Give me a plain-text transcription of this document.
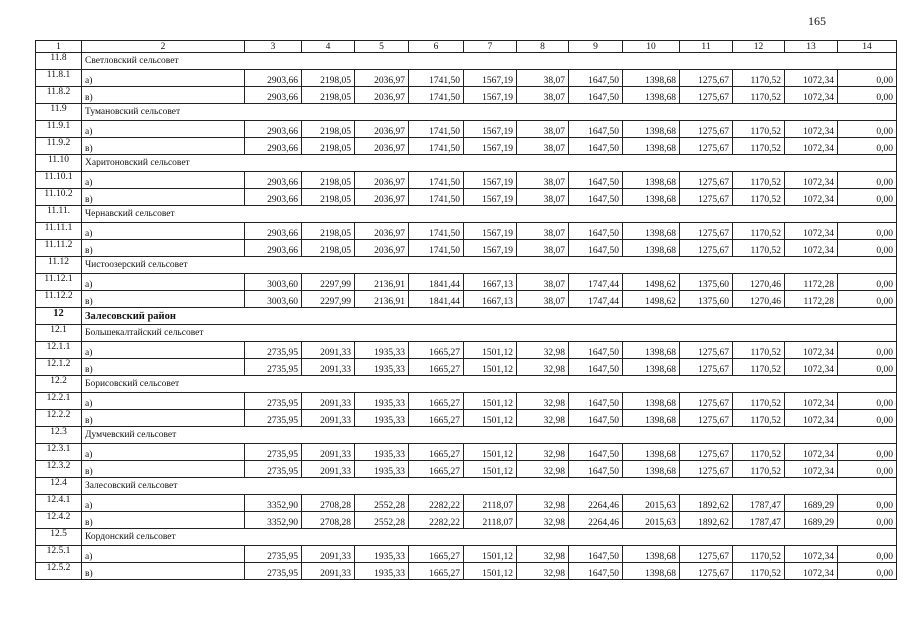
165
1	2	3	4	5	6	7	8	9	10	11	12	13	14
11.8	Светловский сельсовет												
11.8.1	а)	2903,66	2198,05	2036,97	1741,50	1567,19	38,07	1647,50	1398,68	1275,67	1170,52	1072,34	0,00
11.8.2	в)	2903,66	2198,05	2036,97	1741,50	1567,19	38,07	1647,50	1398,68	1275,67	1170,52	1072,34	0,00
11.9	Тумановский сельсовет												
11.9.1	а)	2903,66	2198,05	2036,97	1741,50	1567,19	38,07	1647,50	1398,68	1275,67	1170,52	1072,34	0,00
11.9.2	в)	2903,66	2198,05	2036,97	1741,50	1567,19	38,07	1647,50	1398,68	1275,67	1170,52	1072,34	0,00
11.10	Харитоновский сельсовет												
11.10.1	а)	2903,66	2198,05	2036,97	1741,50	1567,19	38,07	1647,50	1398,68	1275,67	1170,52	1072,34	0,00
11.10.2	в)	2903,66	2198,05	2036,97	1741,50	1567,19	38,07	1647,50	1398,68	1275,67	1170,52	1072,34	0,00
11.11.	Чернавский сельсовет												
11.11.1	а)	2903,66	2198,05	2036,97	1741,50	1567,19	38,07	1647,50	1398,68	1275,67	1170,52	1072,34	0,00
11.11.2	в)	2903,66	2198,05	2036,97	1741,50	1567,19	38,07	1647,50	1398,68	1275,67	1170,52	1072,34	0,00
11.12	Чистоозерский сельсовет												
11.12.1	а)	3003,60	2297,99	2136,91	1841,44	1667,13	38,07	1747,44	1498,62	1375,60	1270,46	1172,28	0,00
11.12.2	в)	3003,60	2297,99	2136,91	1841,44	1667,13	38,07	1747,44	1498,62	1375,60	1270,46	1172,28	0,00
12	Залесовский район												
12.1	Большекалтайский сельсовет												
12.1.1	а)	2735,95	2091,33	1935,33	1665,27	1501,12	32,98	1647,50	1398,68	1275,67	1170,52	1072,34	0,00
12.1.2	в)	2735,95	2091,33	1935,33	1665,27	1501,12	32,98	1647,50	1398,68	1275,67	1170,52	1072,34	0,00
12.2	Борисовский сельсовет												
12.2.1	а)	2735,95	2091,33	1935,33	1665,27	1501,12	32,98	1647,50	1398,68	1275,67	1170,52	1072,34	0,00
12.2.2	в)	2735,95	2091,33	1935,33	1665,27	1501,12	32,98	1647,50	1398,68	1275,67	1170,52	1072,34	0,00
12.3	Думчевский сельсовет												
12.3.1	а)	2735,95	2091,33	1935,33	1665,27	1501,12	32,98	1647,50	1398,68	1275,67	1170,52	1072,34	0,00
12.3.2	в)	2735,95	2091,33	1935,33	1665,27	1501,12	32,98	1647,50	1398,68	1275,67	1170,52	1072,34	0,00
12.4	Залесовский сельсовет												
12.4.1	а)	3352,90	2708,28	2552,28	2282,22	2118,07	32,98	2264,46	2015,63	1892,62	1787,47	1689,29	0,00
12.4.2	в)	3352,90	2708,28	2552,28	2282,22	2118,07	32,98	2264,46	2015,63	1892,62	1787,47	1689,29	0,00
12.5	Кордонский сельсовет												
12.5.1	а)	2735,95	2091,33	1935,33	1665,27	1501,12	32,98	1647,50	1398,68	1275,67	1170,52	1072,34	0,00
12.5.2	в)	2735,95	2091,33	1935,33	1665,27	1501,12	32,98	1647,50	1398,68	1275,67	1170,52	1072,34	0,00
